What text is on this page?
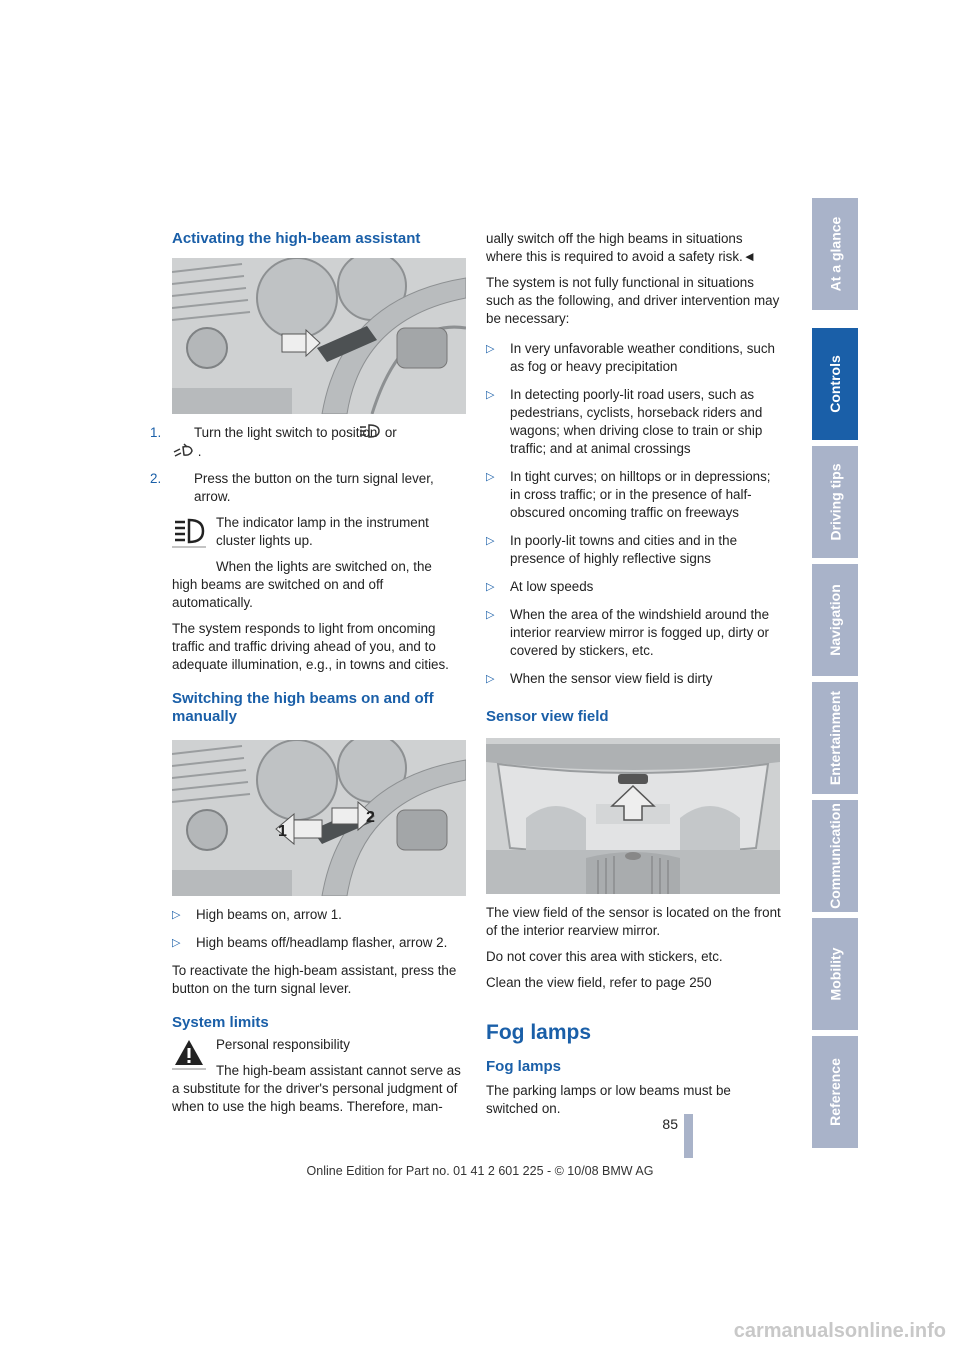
Activating the high-beam assistant
1. Turn the light switch to position or
.
2. Press the button on the turn signal lever, arrow.

The indicator lamp in the instrument cluster lights up.

When the lights are switched on, the

high beams are switched on and off automatically.

The system responds to light from oncoming traffic and traffic driving ahead of you, and to adequate illumination, e.g., in towns and cities.

Switching the high beams on and off manually
1
2
▷ High beams on, arrow 1.
▷ High beams off/headlamp flasher, arrow 2.

To reactivate the high-beam assistant, press the button on the turn signal lever.

System limits

Personal responsibility

The high-beam assistant cannot serve as

a substitute for the driver's personal judgment of when to use the high beams. Therefore, man-

ually switch off the high beams in situations where this is required to avoid a safety risk.◄

The system is not fully functional in situations such as the following, and driver intervention may be necessary:

▷ In very unfavorable weather conditions, such as fog or heavy precipitation
▷ In detecting poorly-lit road users, such as pedestrians, cyclists, horseback riders and wagons; when driving close to train or ship traffic; and at animal crossings
▷ In tight curves; on hilltops or in depressions; in cross traffic; or in the presence of half-obscured oncoming traffic on freeways
▷ In poorly-lit towns and cities and in the presence of highly reflective signs
▷ At low speeds
▷ When the area of the windshield around the interior rearview mirror is fogged up, dirty or covered by stickers, etc.
▷ When the sensor view field is dirty
Sensor view field

The view field of the sensor is located on the front of the interior rearview mirror.

Do not cover this area with stickers, etc.

Clean the view field, refer to page 250

Fog lamps
Fog lamps

The parking lamps or low beams must be switched on.

At a glance
Controls
Driving tips
Navigation
Entertainment
Communication
Mobility
Reference
85
Online Edition for Part no. 01 41 2 601 225 - © 10/08 BMW AG
carmanualsonline.info
